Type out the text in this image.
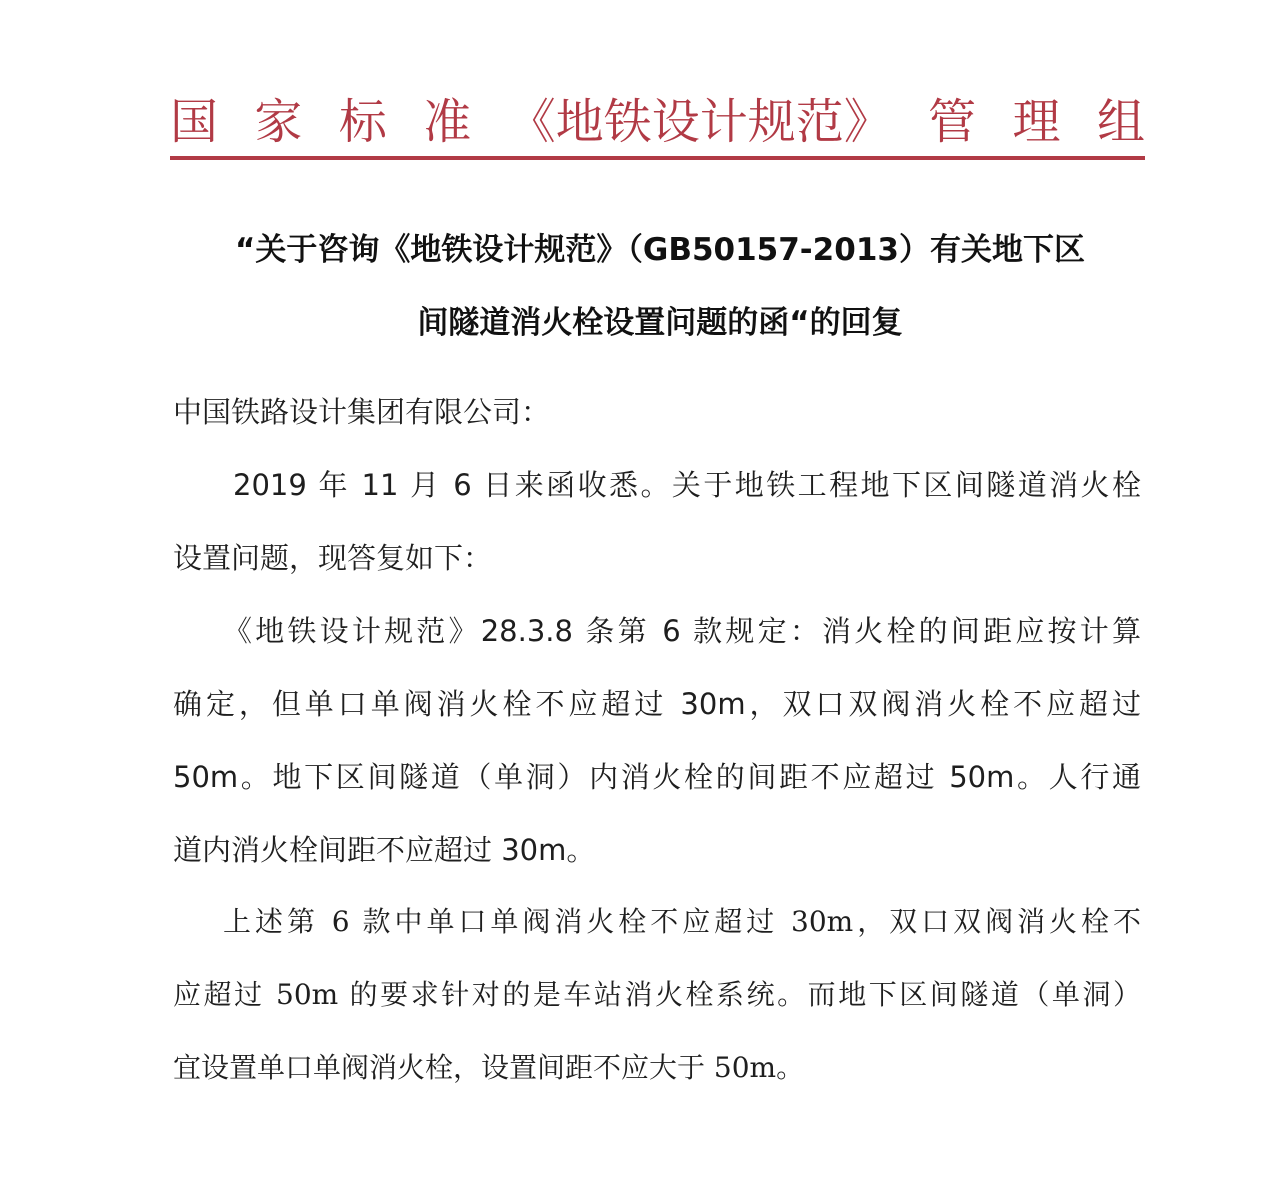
国 家 标 准 《地铁设计规范》 管 理 组
“关于咨询《地铁设计规范》（GB50157-2013）有关地下区
间隧道消火栓设置问题的函“的回复
中国铁路设计集团有限公司：
2019 年 11 月 6 日来函收悉。关于地铁工程地下区间隧道消火栓
设置问题，现答复如下：
《地铁设计规范》28.3.8 条第 6 款规定：消火栓的间距应按计算
确定，但单口单阀消火栓不应超过 30m，双口双阀消火栓不应超过
50m。地下区间隧道（单洞）内消火栓的间距不应超过 50m。人行通
道内消火栓间距不应超过 30m。
上述第 6 款中单口单阀消火栓不应超过 30m，双口双阀消火栓不
应超过 50m 的要求针对的是车站消火栓系统。而地下区间隧道（单洞）
宜设置单口单阀消火栓，设置间距不应大于 50m。
